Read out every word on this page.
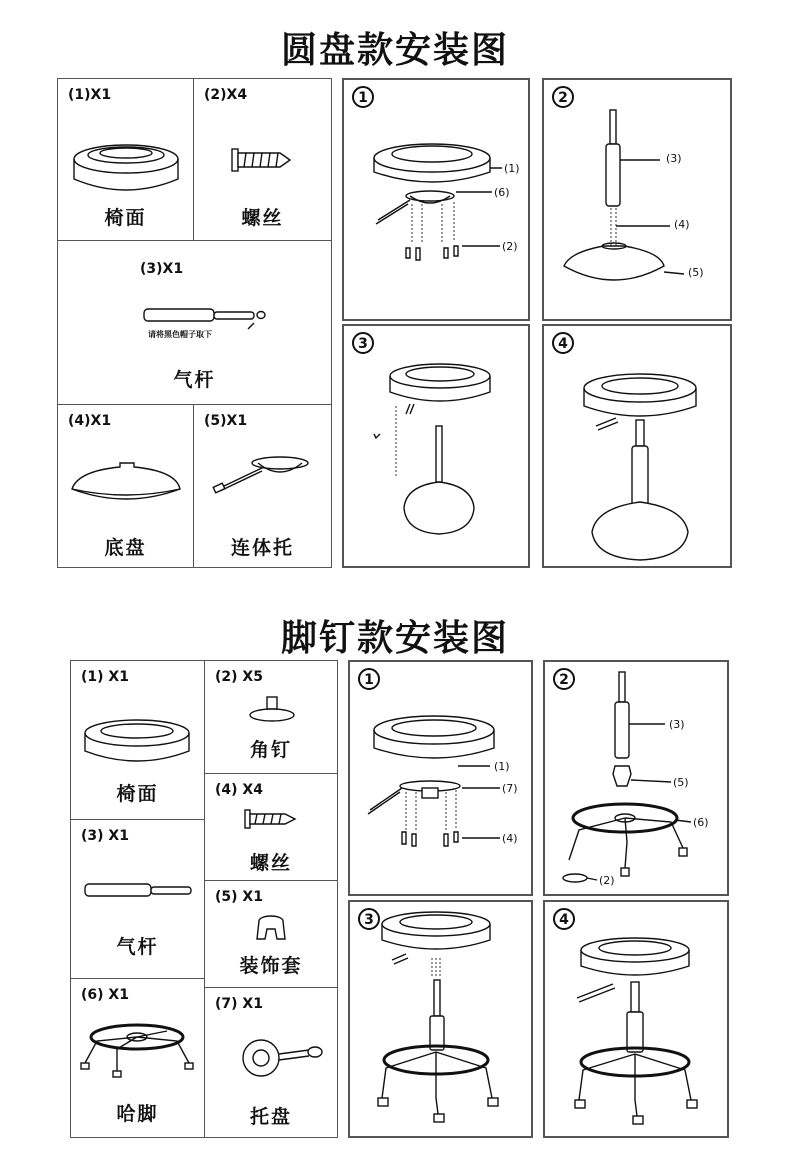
圆盘款安装图
(1)X1
椅面
(2)X4
螺丝
(3)X1
请将黑色帽子取下
气杆
(4)X1
底盘
(5)X1
连体托
1
(1)
(6)
(2)
2
(3)
(4)
(5)
3	4
脚钉款安装图
(1) X1
椅面
(2) X5
角钉
(3) X1
气杆
(4) X4
螺丝
(5) X1
装饰套
(6) X1
哈脚
(7) X1
托盘
1
(1)
(7)
(4)
2
(3)
(5)
(6)
(2)
3	4
